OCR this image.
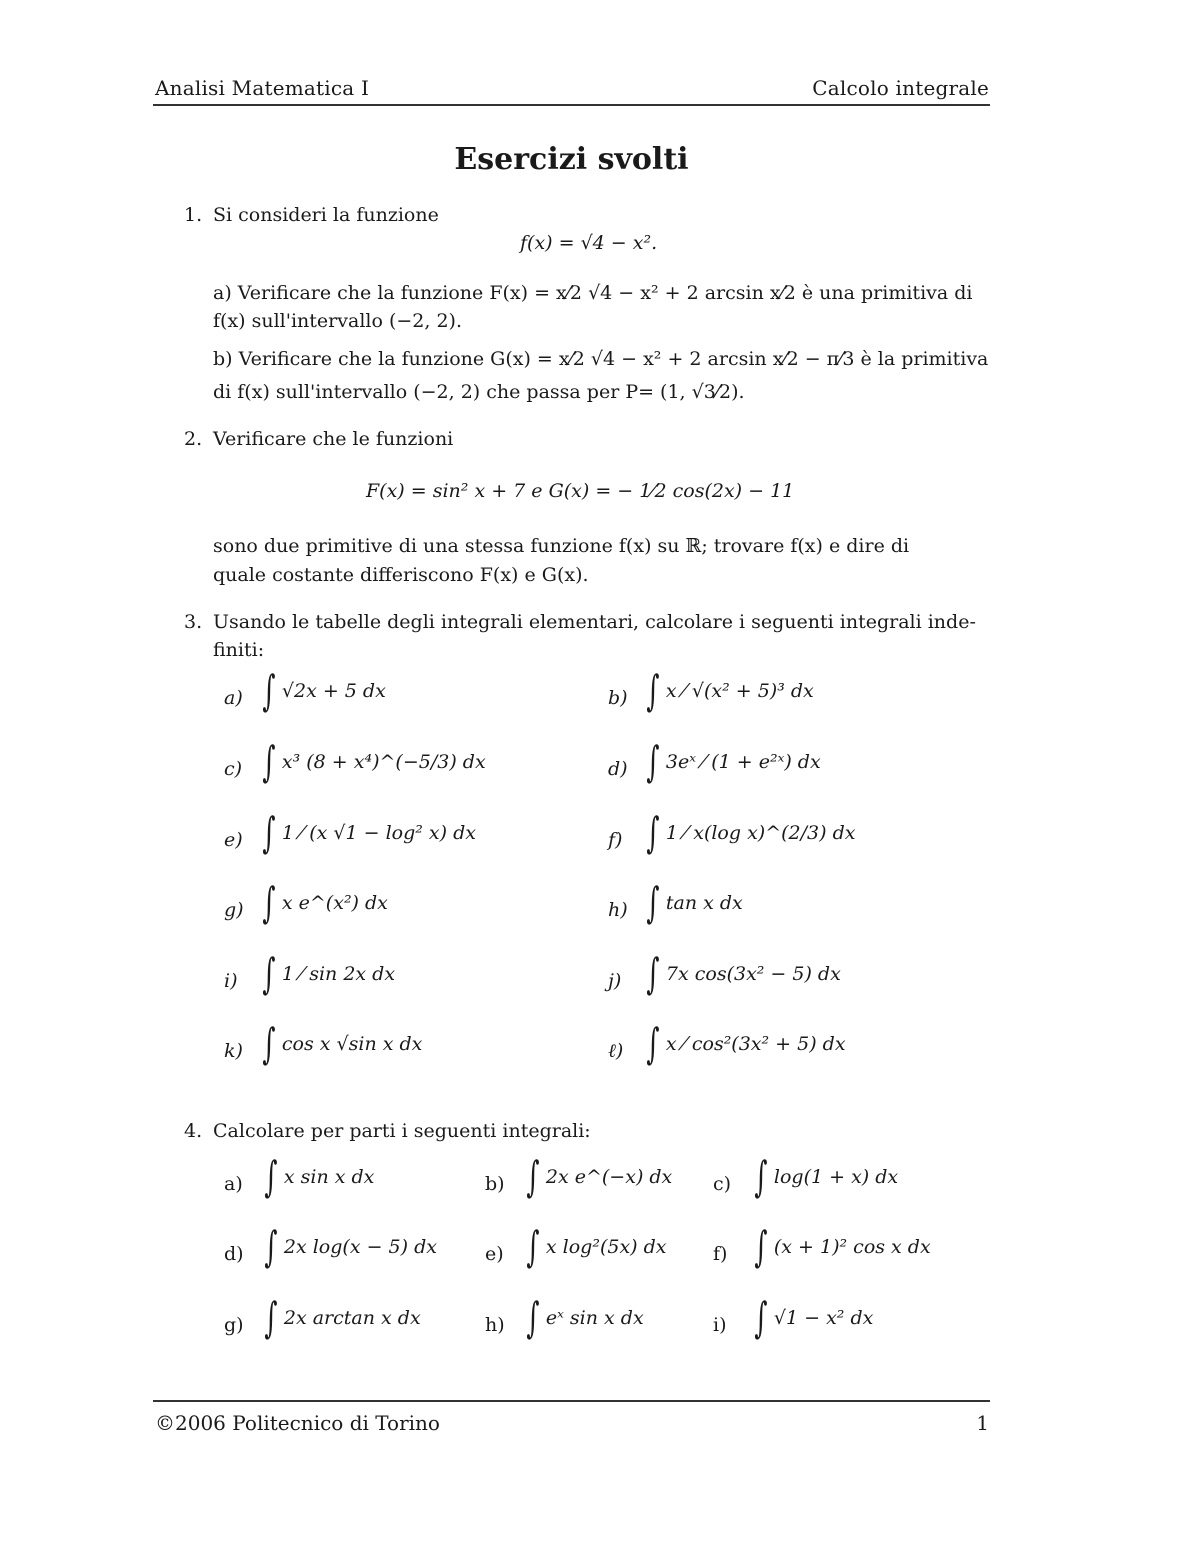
Analisi Matematica I	Calcolo integrale
Esercizi svolti
1. Si consideri la funzione
f(x) = √4 − x².
a) Verificare che la funzione F(x) = x⁄2 √4 − x² + 2 arcsin x⁄2 è una primitiva di
f(x) sull'intervallo (−2, 2).
b) Verificare che la funzione G(x) = x⁄2 √4 − x² + 2 arcsin x⁄2 − π⁄3 è la primitiva
di f(x) sull'intervallo (−2, 2) che passa per P= (1, √3⁄2).
2. Verificare che le funzioni
F(x) = sin² x + 7 e G(x) = − 1⁄2 cos(2x) − 11
sono due primitive di una stessa funzione f(x) su ℝ; trovare f(x) e dire di
quale costante differiscono F(x) e G(x).
3. Usando le tabelle degli integrali elementari, calcolare i seguenti integrali inde-
finiti:
a) ∫ √2x + 5 dx	b) ∫ x ⁄ √(x² + 5)³ dx
c) ∫ x³ (8 + x⁴)^(−5/3) dx	d) ∫ 3eˣ ⁄ (1 + e²ˣ) dx
e) ∫ 1 ⁄ (x √1 − log² x) dx	f) ∫ 1 ⁄ x(log x)^(2/3) dx
g) ∫ x e^(x²) dx	h) ∫ tan x dx
i) ∫ 1 ⁄ sin 2x dx	j) ∫ 7x cos(3x² − 5) dx
k) ∫ cos x √sin x dx	ℓ) ∫ x ⁄ cos²(3x² + 5) dx
4. Calcolare per parti i seguenti integrali:
a) ∫ x sin x dx	b) ∫ 2x e^(−x) dx c) ∫ log(1 + x) dx
d) ∫ 2x log(x − 5) dx	e) ∫ x log²(5x) dx f) ∫ (x + 1)² cos x dx
g) ∫ 2x arctan x dx	h) ∫ eˣ sin x dx	i) ∫ √1 − x² dx
©2006 Politecnico di Torino	1
